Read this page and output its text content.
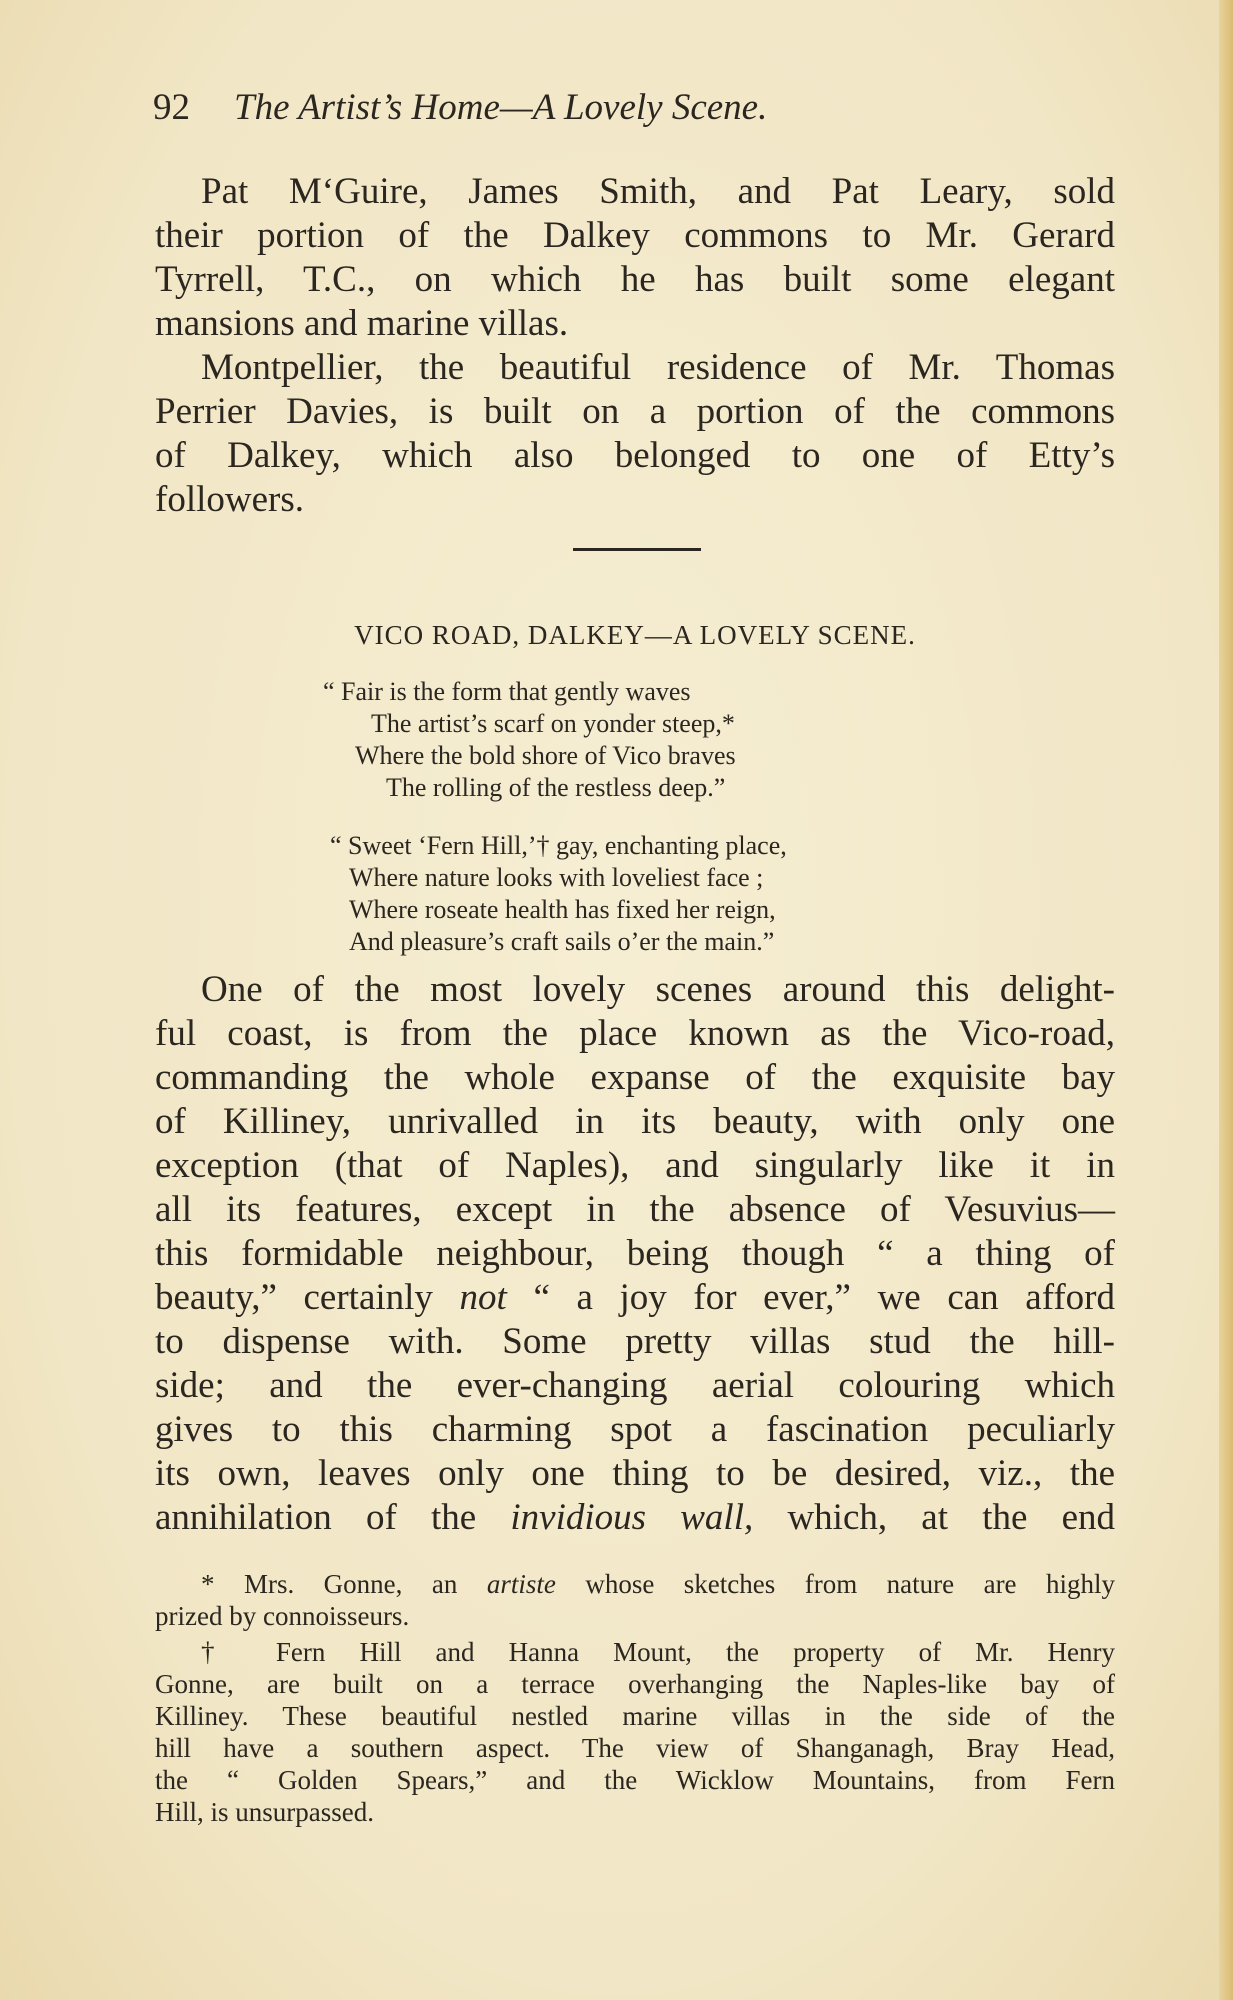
92 The Artist’s Home—A Lovely Scene.
Pat M‘Guire, James Smith, and Pat Leary, sold
their portion of the Dalkey commons to Mr. Gerard
Tyrrell, T.C., on which he has built some elegant
mansions and marine villas.
Montpellier, the beautiful residence of Mr. Thomas
Perrier Davies, is built on a portion of the commons
of Dalkey, which also belonged to one of Etty’s
followers.
VICO ROAD, DALKEY—A LOVELY SCENE.
“ Fair is the form that gently waves
The artist’s scarf on yonder steep,*
Where the bold shore of Vico braves
The rolling of the restless deep.”
“ Sweet ‘Fern Hill,’† gay, enchanting place,
Where nature looks with loveliest face ;
Where roseate health has fixed her reign,
And pleasure’s craft sails o’er the main.”
One of the most lovely scenes around this delight-
ful coast, is from the place known as the Vico-road,
commanding the whole expanse of the exquisite bay
of Killiney, unrivalled in its beauty, with only one
exception (that of Naples), and singularly like it in
all its features, except in the absence of Vesuvius—
this formidable neighbour, being though “ a thing of
beauty,” certainly not “ a joy for ever,” we can afford
to dispense with. Some pretty villas stud the hill-
side; and the ever-changing aerial colouring which
gives to this charming spot a fascination peculiarly
its own, leaves only one thing to be desired, viz., the
annihilation of the invidious wall, which, at the end
* Mrs. Gonne, an artiste whose sketches from nature are highly
prized by connoisseurs.
† Fern Hill and Hanna Mount, the property of Mr. Henry
Gonne, are built on a terrace overhanging the Naples-like bay of
Killiney. These beautiful nestled marine villas in the side of the
hill have a southern aspect. The view of Shanganagh, Bray Head,
the “ Golden Spears,” and the Wicklow Mountains, from Fern
Hill, is unsurpassed.
